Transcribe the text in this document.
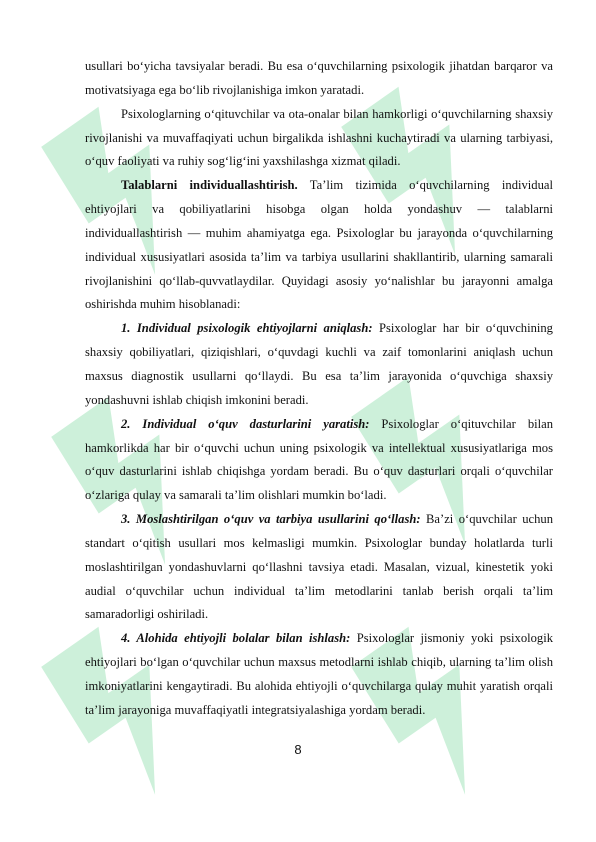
usullari bo‘yicha tavsiyalar beradi. Bu esa o‘quvchilarning psixologik jihatdan barqaror va motivatsiyaga ega bo‘lib rivojlanishiga imkon yaratadi.

Psixologlarning o‘qituvchilar va ota-onalar bilan hamkorligi o‘quvchilarning shaxsiy rivojlanishi va muvaffaqiyati uchun birgalikda ishlashni kuchaytiradi va ularning tarbiyasi, o‘quv faoliyati va ruhiy sog‘lig‘ini yaxshilashga xizmat qiladi.

Talablarni individuallashtirish. Ta’lim tizimida o‘quvchilarning individual ehtiyojlari va qobiliyatlarini hisobga olgan holda yondashuv — talablarni individuallashtirish — muhim ahamiyatga ega. Psixologlar bu jarayonda o‘quvchilarning individual xususiyatlari asosida ta’lim va tarbiya usullarini shakllantirib, ularning samarali rivojlanishini qo‘llab-quvvatlaydilar. Quyidagi asosiy yo‘nalishlar bu jarayonni amalga oshirishda muhim hisoblanadi:

1. Individual psixologik ehtiyojlarni aniqlash: Psixologlar har bir o‘quvchining shaxsiy qobiliyatlari, qiziqishlari, o‘quvdagi kuchli va zaif tomonlarini aniqlash uchun maxsus diagnostik usullarni qo‘llaydi. Bu esa ta’lim jarayonida o‘quvchiga shaxsiy yondashuvni ishlab chiqish imkonini beradi.

2. Individual o‘quv dasturlarini yaratish: Psixologlar o‘qituvchilar bilan hamkorlikda har bir o‘quvchi uchun uning psixologik va intellektual xususiyatlariga mos o‘quv dasturlarini ishlab chiqishga yordam beradi. Bu o‘quv dasturlari orqali o‘quvchilar o‘zlariga qulay va samarali ta’lim olishlari mumkin bo‘ladi.

3. Moslashtirilgan o‘quv va tarbiya usullarini qo‘llash: Ba’zi o‘quvchilar uchun standart o‘qitish usullari mos kelmasligi mumkin. Psixologlar bunday holatlarda turli moslashtirilgan yondashuvlarni qo‘llashni tavsiya etadi. Masalan, vizual, kinestetik yoki audial o‘quvchilar uchun individual ta’lim metodlarini tanlab berish orqali ta’lim samaradorligi oshiriladi.

4. Alohida ehtiyojli bolalar bilan ishlash: Psixologlar jismoniy yoki psixologik ehtiyojlari bo‘lgan o‘quvchilar uchun maxsus metodlarni ishlab chiqib, ularning ta’lim olish imkoniyatlarini kengaytiradi. Bu alohida ehtiyojli o‘quvchilarga qulay muhit yaratish orqali ta’lim jarayoniga muvaffaqiyatli integratsiyalashiga yordam beradi.

8
